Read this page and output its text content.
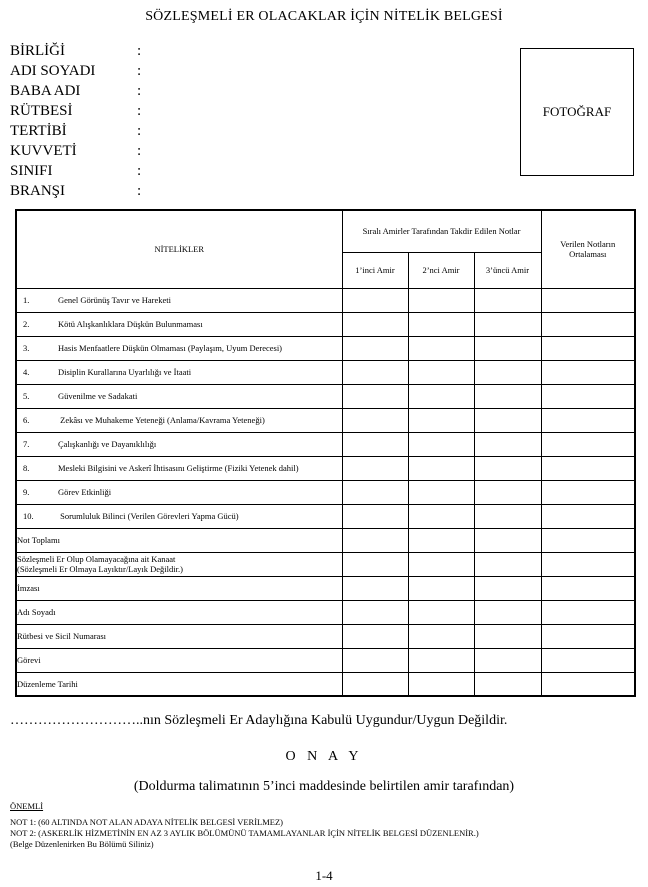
SÖZLEŞMELİ ER OLACAKLAR İÇİN NİTELİK BELGESİ
BİRLİĞİ	:
ADI SOYADI	:
BABA ADI	:
RÜTBESİ	:
TERTİBİ	:
KUVVETİ	:
SINIFI	:
BRANŞI	:
FOTOĞRAF
NİTELİKLER	Sıralı Amirler Tarafından Takdir Edilen Notlar			Verilen Notların Ortalaması
	1’inci Amir	2’nci Amir	3’üncü Amir	
1. Genel Görünüş Tavır ve Hareketi				
2. Kötü Alışkanlıklara Düşkün Bulunmaması				
3. Hasis Menfaatlere Düşkün Olmaması (Paylaşım, Uyum Derecesi)				
4. Disiplin Kurallarına Uyarlılığı ve İtaati				
5. Güvenilme ve Sadakati				
6. Zekâsı ve Muhakeme Yeteneği (Anlama/Kavrama Yeteneği)				
7. Çalışkanlığı ve Dayanıklılığı				
8. Mesleki Bilgisini ve Askerî İhtisasını Geliştirme (Fiziki Yetenek dahil)				
9. Görev Etkinliği				
10. Sorumluluk Bilinci (Verilen Görevleri Yapma Gücü)				
Not Toplamı				
Sözleşmeli Er Olup Olamayacağına ait Kanaat
(Sözleşmeli Er Olmaya Layıktır/Layık Değildir.)				
İmzası				
Adı Soyadı				
Rütbesi ve Sicil Numarası				
Görevi				
Düzenleme Tarihi				
………………………..nın Sözleşmeli Er Adaylığına Kabulü Uygundur/Uygun Değildir.
O N A Y
(Doldurma talimatının 5’inci maddesinde belirtilen amir tarafından)
ÖNEMLİ
NOT 1: (60 ALTINDA NOT ALAN ADAYA NİTELİK BELGESİ VERİLMEZ)
NOT 2: (ASKERLİK HİZMETİNİN EN AZ 3 AYLIK BÖLÜMÜNÜ TAMAMLAYANLAR İÇİN NİTELİK BELGESİ DÜZENLENİR.)
(Belge Düzenlenirken Bu Bölümü Siliniz)
1-4
